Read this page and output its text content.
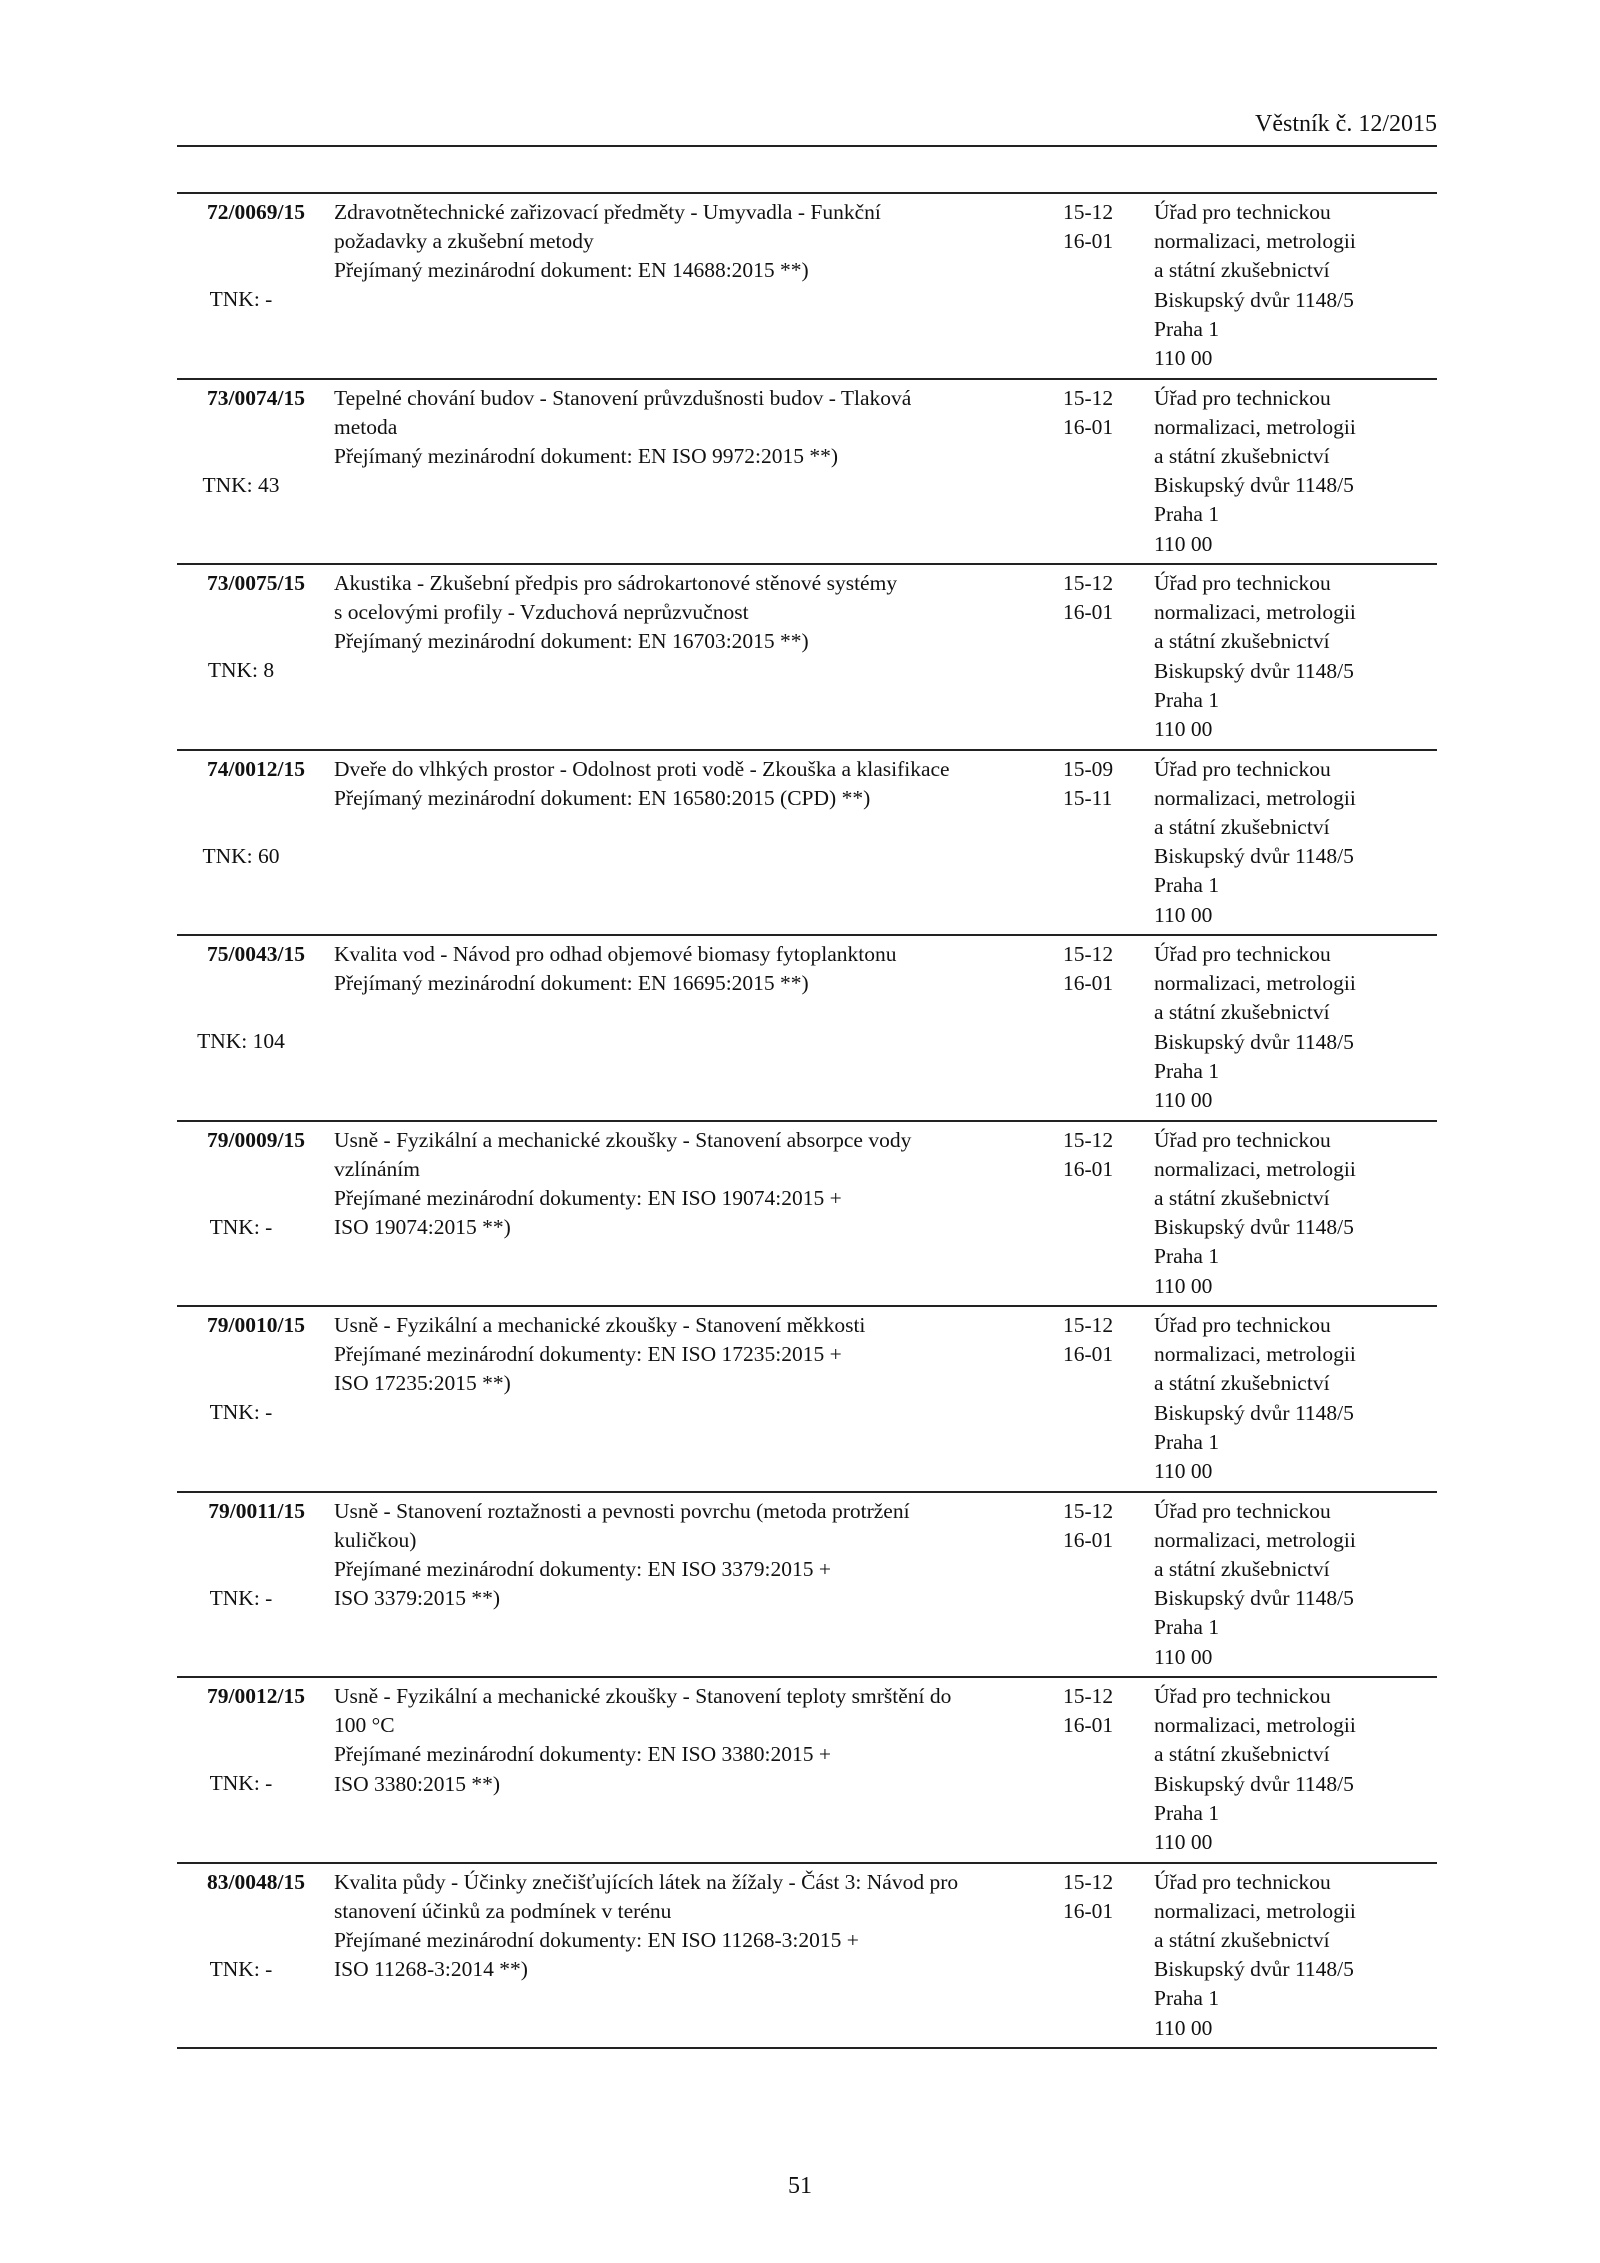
Věstník č. 12/2015
72/0069/15
TNK: -
Zdravotnětechnické zařizovací předměty - Umyvadla - Funkční
požadavky a zkušební metody
Přejímaný mezinárodní dokument: EN 14688:2015 **)
15-12
16-01
Úřad pro technickou
normalizaci, metrologii
a státní zkušebnictví
Biskupský dvůr 1148/5
Praha 1
110 00
73/0074/15
TNK: 43
Tepelné chování budov - Stanovení průvzdušnosti budov - Tlaková
metoda
Přejímaný mezinárodní dokument: EN ISO 9972:2015 **)
15-12
16-01
Úřad pro technickou
normalizaci, metrologii
a státní zkušebnictví
Biskupský dvůr 1148/5
Praha 1
110 00
73/0075/15
TNK: 8
Akustika - Zkušební předpis pro sádrokartonové stěnové systémy
s ocelovými profily - Vzduchová neprůzvučnost
Přejímaný mezinárodní dokument: EN 16703:2015 **)
15-12
16-01
Úřad pro technickou
normalizaci, metrologii
a státní zkušebnictví
Biskupský dvůr 1148/5
Praha 1
110 00
74/0012/15
TNK: 60
Dveře do vlhkých prostor - Odolnost proti vodě - Zkouška a klasifikace
Přejímaný mezinárodní dokument: EN 16580:2015 (CPD) **)
15-09
15-11
Úřad pro technickou
normalizaci, metrologii
a státní zkušebnictví
Biskupský dvůr 1148/5
Praha 1
110 00
75/0043/15
TNK: 104
Kvalita vod - Návod pro odhad objemové biomasy fytoplanktonu
Přejímaný mezinárodní dokument: EN 16695:2015 **)
15-12
16-01
Úřad pro technickou
normalizaci, metrologii
a státní zkušebnictví
Biskupský dvůr 1148/5
Praha 1
110 00
79/0009/15
TNK: -
Usně - Fyzikální a mechanické zkoušky - Stanovení absorpce vody
vzlínáním
Přejímané mezinárodní dokumenty: EN ISO 19074:2015 +
ISO 19074:2015 **)
15-12
16-01
Úřad pro technickou
normalizaci, metrologii
a státní zkušebnictví
Biskupský dvůr 1148/5
Praha 1
110 00
79/0010/15
TNK: -
Usně - Fyzikální a mechanické zkoušky - Stanovení měkkosti
Přejímané mezinárodní dokumenty: EN ISO 17235:2015 +
ISO 17235:2015 **)
15-12
16-01
Úřad pro technickou
normalizaci, metrologii
a státní zkušebnictví
Biskupský dvůr 1148/5
Praha 1
110 00
79/0011/15
TNK: -
Usně - Stanovení roztažnosti a pevnosti povrchu (metoda protržení
kuličkou)
Přejímané mezinárodní dokumenty: EN ISO 3379:2015 +
ISO 3379:2015 **)
15-12
16-01
Úřad pro technickou
normalizaci, metrologii
a státní zkušebnictví
Biskupský dvůr 1148/5
Praha 1
110 00
79/0012/15
TNK: -
Usně - Fyzikální a mechanické zkoušky - Stanovení teploty smrštění do
100 °C
Přejímané mezinárodní dokumenty: EN ISO 3380:2015 +
ISO 3380:2015 **)
15-12
16-01
Úřad pro technickou
normalizaci, metrologii
a státní zkušebnictví
Biskupský dvůr 1148/5
Praha 1
110 00
83/0048/15
TNK: -
Kvalita půdy - Účinky znečišťujících látek na žížaly - Část 3: Návod pro
stanovení účinků za podmínek v terénu
Přejímané mezinárodní dokumenty: EN ISO 11268-3:2015 +
ISO 11268-3:2014 **)
15-12
16-01
Úřad pro technickou
normalizaci, metrologii
a státní zkušebnictví
Biskupský dvůr 1148/5
Praha 1
110 00
51
